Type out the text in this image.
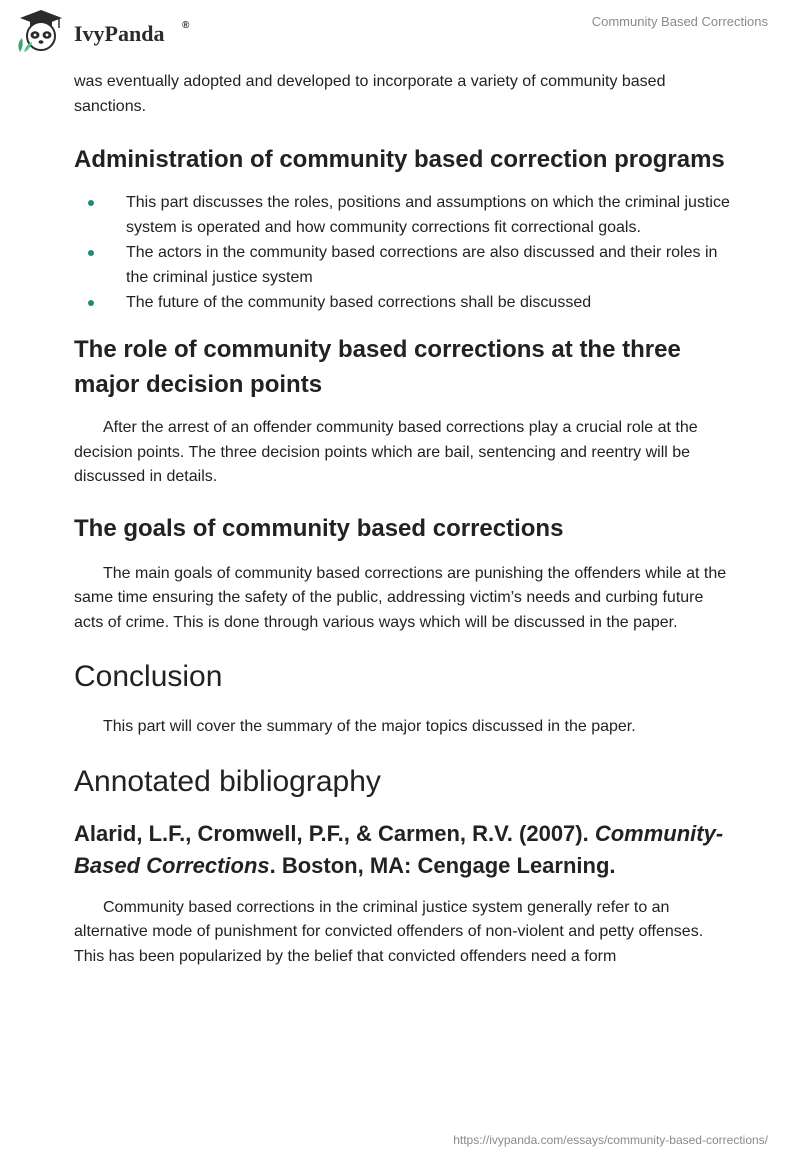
IvyPanda ®	Community Based Corrections

was eventually adopted and developed to incorporate a variety of community based sanctions.

Administration of community based correction programs
This part discusses the roles, positions and assumptions on which the criminal justice system is operated and how community corrections fit correctional goals.
The actors in the community based corrections are also discussed and their roles in the criminal justice system
The future of the community based corrections shall be discussed
The role of community based corrections at the three major decision points

After the arrest of an offender community based corrections play a crucial role at the decision points. The three decision points which are bail, sentencing and reentry will be discussed in details.

The goals of community based corrections

The main goals of community based corrections are punishing the offenders while at the same time ensuring the safety of the public, addressing victim’s needs and curbing future acts of crime. This is done through various ways which will be discussed in the paper.

Conclusion

This part will cover the summary of the major topics discussed in the paper.

Annotated bibliography
Alarid, L.F., Cromwell, P.F., & Carmen, R.V. (2007). Community-Based Corrections. Boston, MA: Cengage Learning.

Community based corrections in the criminal justice system generally refer to an alternative mode of punishment for convicted offenders of non-violent and petty offenses. This has been popularized by the belief that convicted offenders need a form

https://ivypanda.com/essays/community-based-corrections/
